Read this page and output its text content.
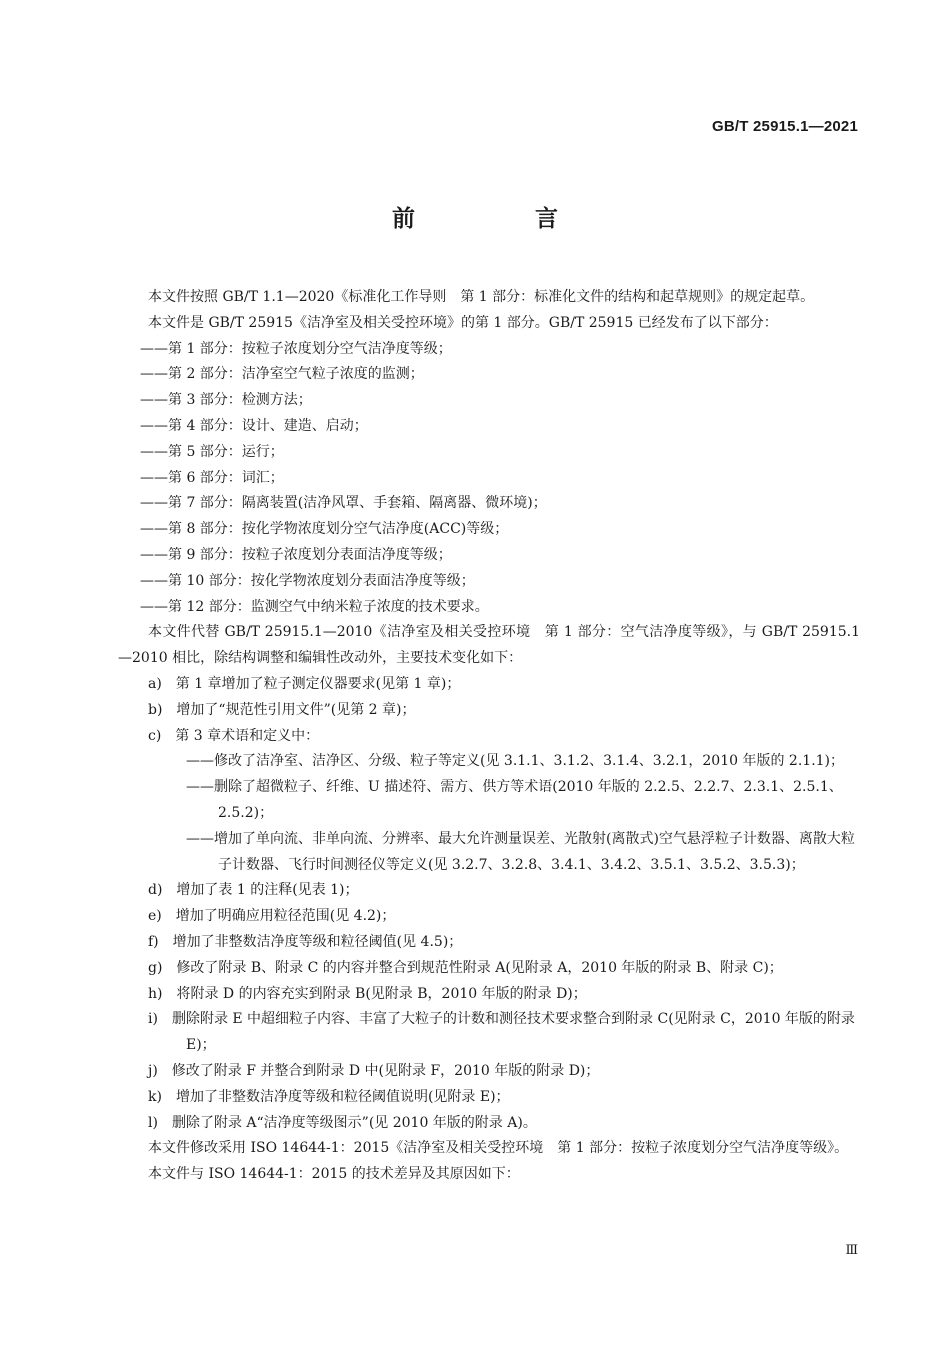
GB/T 25915.1—2021
前 言

本文件按照 GB/T 1.1—2020《标准化工作导则　第 1 部分：标准化文件的结构和起草规则》的规定起草。

本文件是 GB/T 25915《洁净室及相关受控环境》的第 1 部分。GB/T 25915 已经发布了以下部分：

——第 1 部分：按粒子浓度划分空气洁净度等级；

——第 2 部分：洁净室空气粒子浓度的监测；

——第 3 部分：检测方法；

——第 4 部分：设计、建造、启动；

——第 5 部分：运行；

——第 6 部分：词汇；

——第 7 部分：隔离装置(洁净风罩、手套箱、隔离器、微环境)；

——第 8 部分：按化学物浓度划分空气洁净度(ACC)等级；

——第 9 部分：按粒子浓度划分表面洁净度等级；

——第 10 部分：按化学物浓度划分表面洁净度等级；

——第 12 部分：监测空气中纳米粒子浓度的技术要求。

本文件代替 GB/T 25915.1—2010《洁净室及相关受控环境　第 1 部分：空气洁净度等级》，与 GB/T 25915.1—2010 相比，除结构调整和编辑性改动外，主要技术变化如下：

a)　第 1 章增加了粒子测定仪器要求(见第 1 章)；

b)　增加了“规范性引用文件”(见第 2 章)；

c)　第 3 章术语和定义中：

——修改了洁净室、洁净区、分级、粒子等定义(见 3.1.1、3.1.2、3.1.4、3.2.1，2010 年版的 2.1.1)；

——删除了超微粒子、纤维、U 描述符、需方、供方等术语(2010 年版的 2.2.5、2.2.7、2.3.1、2.5.1、2.5.2)；

——增加了单向流、非单向流、分辨率、最大允许测量误差、光散射(离散式)空气悬浮粒子计数器、离散大粒子计数器、飞行时间测径仪等定义(见 3.2.7、3.2.8、3.4.1、3.4.2、3.5.1、3.5.2、3.5.3)；

d)　增加了表 1 的注释(见表 1)；

e)　增加了明确应用粒径范围(见 4.2)；

f)　增加了非整数洁净度等级和粒径阈值(见 4.5)；

g)　修改了附录 B、附录 C 的内容并整合到规范性附录 A(见附录 A，2010 年版的附录 B、附录 C)；

h)　将附录 D 的内容充实到附录 B(见附录 B，2010 年版的附录 D)；

i)　删除附录 E 中超细粒子内容、丰富了大粒子的计数和测径技术要求整合到附录 C(见附录 C，2010 年版的附录 E)；

j)　修改了附录 F 并整合到附录 D 中(见附录 F，2010 年版的附录 D)；

k)　增加了非整数洁净度等级和粒径阈值说明(见附录 E)；

l)　删除了附录 A“洁净度等级图示”(见 2010 年版的附录 A)。

本文件修改采用 ISO 14644-1：2015《洁净室及相关受控环境　第 1 部分：按粒子浓度划分空气洁净度等级》。

本文件与 ISO 14644-1：2015 的技术差异及其原因如下：

Ⅲ
